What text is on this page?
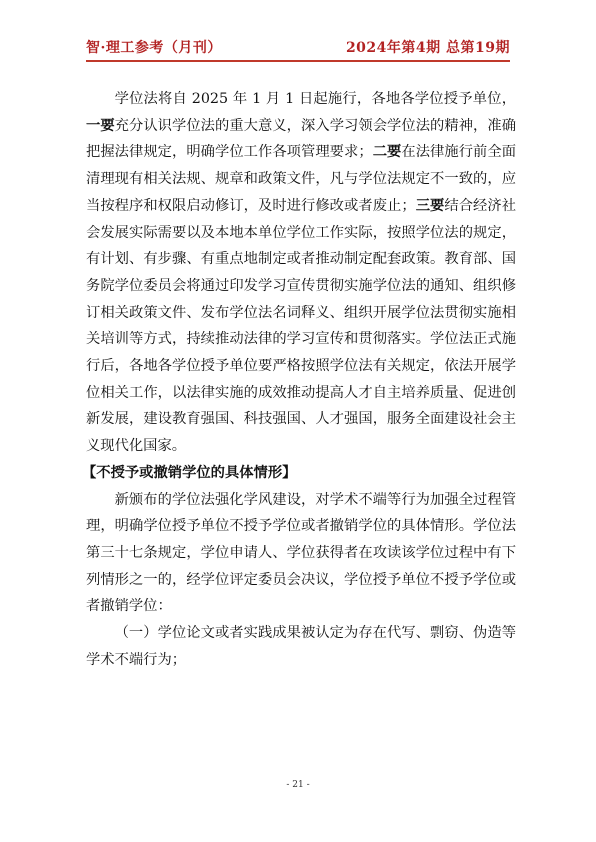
智·理工参考（月刊）	2024年第4期 总第19期

学位法将自 2025 年 1 月 1 日起施行，各地各学位授予单位，一要充分认识学位法的重大意义，深入学习领会学位法的精神，准确把握法律规定，明确学位工作各项管理要求；二要在法律施行前全面清理现有相关法规、规章和政策文件，凡与学位法规定不一致的，应当按程序和权限启动修订，及时进行修改或者废止；三要结合经济社会发展实际需要以及本地本单位学位工作实际，按照学位法的规定，有计划、有步骤、有重点地制定或者推动制定配套政策。教育部、国务院学位委员会将通过印发学习宣传贯彻实施学位法的通知、组织修订相关政策文件、发布学位法名词释义、组织开展学位法贯彻实施相关培训等方式，持续推动法律的学习宣传和贯彻落实。学位法正式施行后，各地各学位授予单位要严格按照学位法有关规定，依法开展学位相关工作，以法律实施的成效推动提高人才自主培养质量、促进创新发展，建设教育强国、科技强国、人才强国，服务全面建设社会主义现代化国家。

【不授予或撤销学位的具体情形】

新颁布的学位法强化学风建设，对学术不端等行为加强全过程管理，明确学位授予单位不授予学位或者撤销学位的具体情形。学位法第三十七条规定，学位申请人、学位获得者在攻读该学位过程中有下列情形之一的，经学位评定委员会决议，学位授予单位不授予学位或者撤销学位：

（一）学位论文或者实践成果被认定为存在代写、剽窃、伪造等学术不端行为；

- 21 -
